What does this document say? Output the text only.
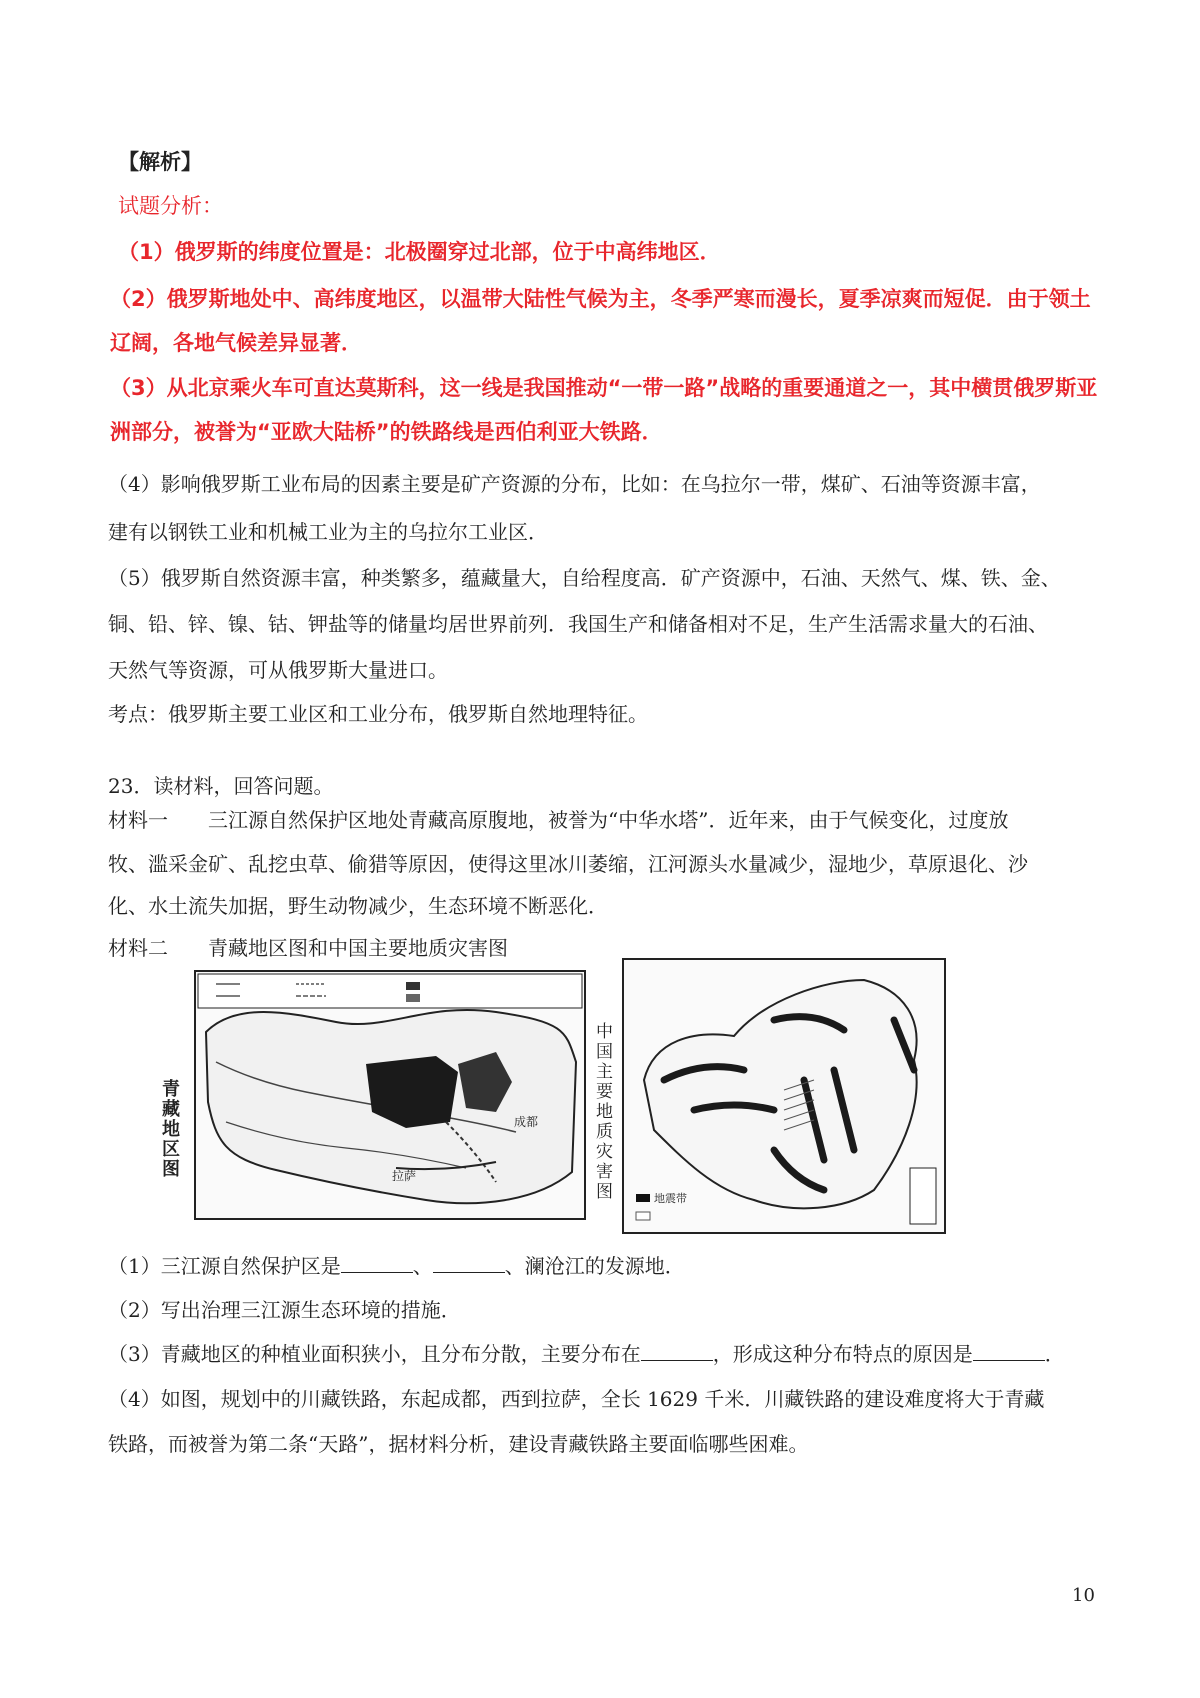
【解析】
试题分析：
（1）俄罗斯的纬度位置是：北极圈穿过北部，位于中高纬地区．
（2）俄罗斯地处中、高纬度地区，以温带大陆性气候为主，冬季严寒而漫长，夏季凉爽而短促．由于领土
辽阔，各地气候差异显著．
（3）从北京乘火车可直达莫斯科，这一线是我国推动“一带一路”战略的重要通道之一，其中横贯俄罗斯亚
洲部分，被誉为“亚欧大陆桥”的铁路线是西伯利亚大铁路．
（4）影响俄罗斯工业布局的因素主要是矿产资源的分布，比如：在乌拉尔一带，煤矿、石油等资源丰富，
建有以钢铁工业和机械工业为主的乌拉尔工业区．
（5）俄罗斯自然资源丰富，种类繁多，蕴藏量大，自给程度高．矿产资源中，石油、天然气、煤、铁、金、
铜、铅、锌、镍、钴、钾盐等的储量均居世界前列．我国生产和储备相对不足，生产生活需求量大的石油、
天然气等资源，可从俄罗斯大量进口。
考点：俄罗斯主要工业区和工业分布，俄罗斯自然地理特征。
23．读材料，回答问题。
材料一　　三江源自然保护区地处青藏高原腹地，被誉为“中华水塔”．近年来，由于气候变化，过度放
牧、滥采金矿、乱挖虫草、偷猎等原因，使得这里冰川萎缩，江河源头水量减少，湿地少，草原退化、沙
化、水土流失加据，野生动物减少，生态环境不断恶化．
材料二　　青藏地区图和中国主要地质灾害图
拉萨
成都
青藏地区图
地震带
中国主要地质灾害图
（1）三江源自然保护区是	、	、澜沧江的发源地．
（2）写出治理三江源生态环境的措施．
（3）青藏地区的种植业面积狭小，且分布分散，主要分布在	，形成这种分布特点的原因是	．
（4）如图，规划中的川藏铁路，东起成都，西到拉萨，全长 1629 千米．川藏铁路的建设难度将大于青藏
铁路，而被誉为第二条“天路”，据材料分析，建设青藏铁路主要面临哪些困难。
10
